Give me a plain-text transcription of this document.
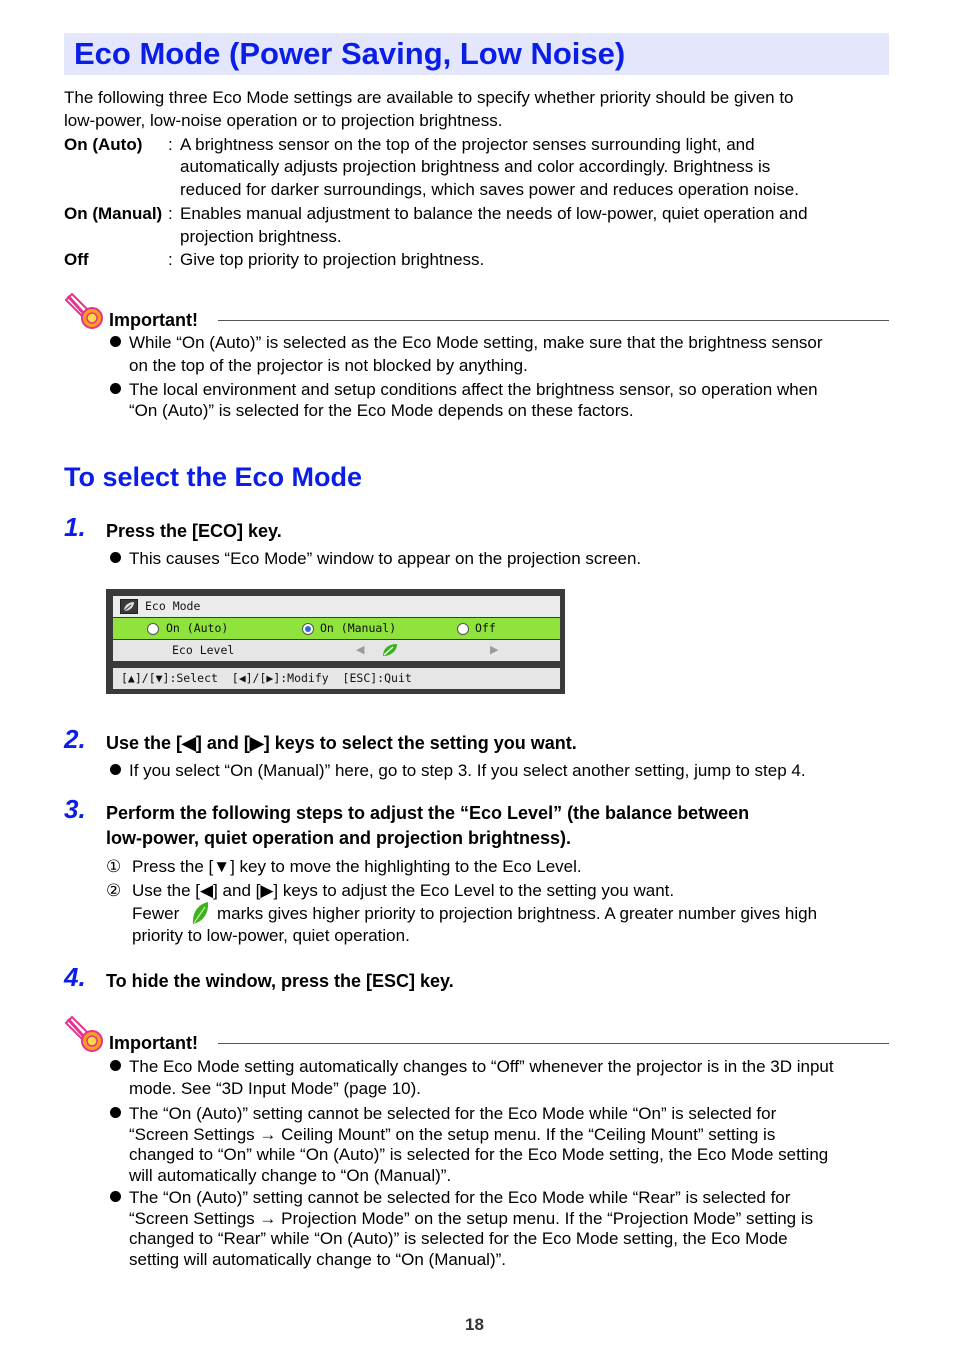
Eco Mode (Power Saving, Low Noise)
The following three Eco Mode settings are available to specify whether priority should be given to
low-power, low-noise operation or to projection brightness.
On (Auto) : A brightness sensor on the top of the projector senses surrounding light, and
automatically adjusts projection brightness and color accordingly. Brightness is
reduced for darker surroundings, which saves power and reduces operation noise.
On (Manual) : Enables manual adjustment to balance the needs of low-power, quiet operation and
projection brightness.
Off	: Give top priority to projection brightness.
Important!
While “On (Auto)” is selected as the Eco Mode setting, make sure that the brightness sensor
on the top of the projector is not blocked by anything.
The local environment and setup conditions affect the brightness sensor, so operation when
“On (Auto)” is selected for the Eco Mode depends on these factors.
To select the Eco Mode
1. Press the [ECO] key.
This causes “Eco Mode” window to appear on the projection screen.
Eco Mode
On (Auto)	On (Manual)	Off
Eco Level	◀	▶
[▲]/[▼]:Select  [◀]/[▶]:Modify  [ESC]:Quit
2. Use the [◀] and [▶] keys to select the setting you want.
If you select “On (Manual)” here, go to step 3. If you select another setting, jump to step 4.
3. Perform the following steps to adjust the “Eco Level” (the balance between
low-power, quiet operation and projection brightness).
① Press the [▼] key to move the highlighting to the Eco Level.
② Use the [◀] and [▶] keys to adjust the Eco Level to the setting you want.
Fewer marks gives higher priority to projection brightness. A greater number gives high
priority to low-power, quiet operation.
4. To hide the window, press the [ESC] key.
Important!
The Eco Mode setting automatically changes to “Off” whenever the projector is in the 3D input
mode. See “3D Input Mode” (page 10).
The “On (Auto)” setting cannot be selected for the Eco Mode while “On” is selected for
“Screen Settings → Ceiling Mount” on the setup menu. If the “Ceiling Mount” setting is
changed to “On” while “On (Auto)” is selected for the Eco Mode setting, the Eco Mode setting
will automatically change to “On (Manual)”.
The “On (Auto)” setting cannot be selected for the Eco Mode while “Rear” is selected for
“Screen Settings → Projection Mode” on the setup menu. If the “Projection Mode” setting is
changed to “Rear” while “On (Auto)” is selected for the Eco Mode setting, the Eco Mode
setting will automatically change to “On (Manual)”.
18
